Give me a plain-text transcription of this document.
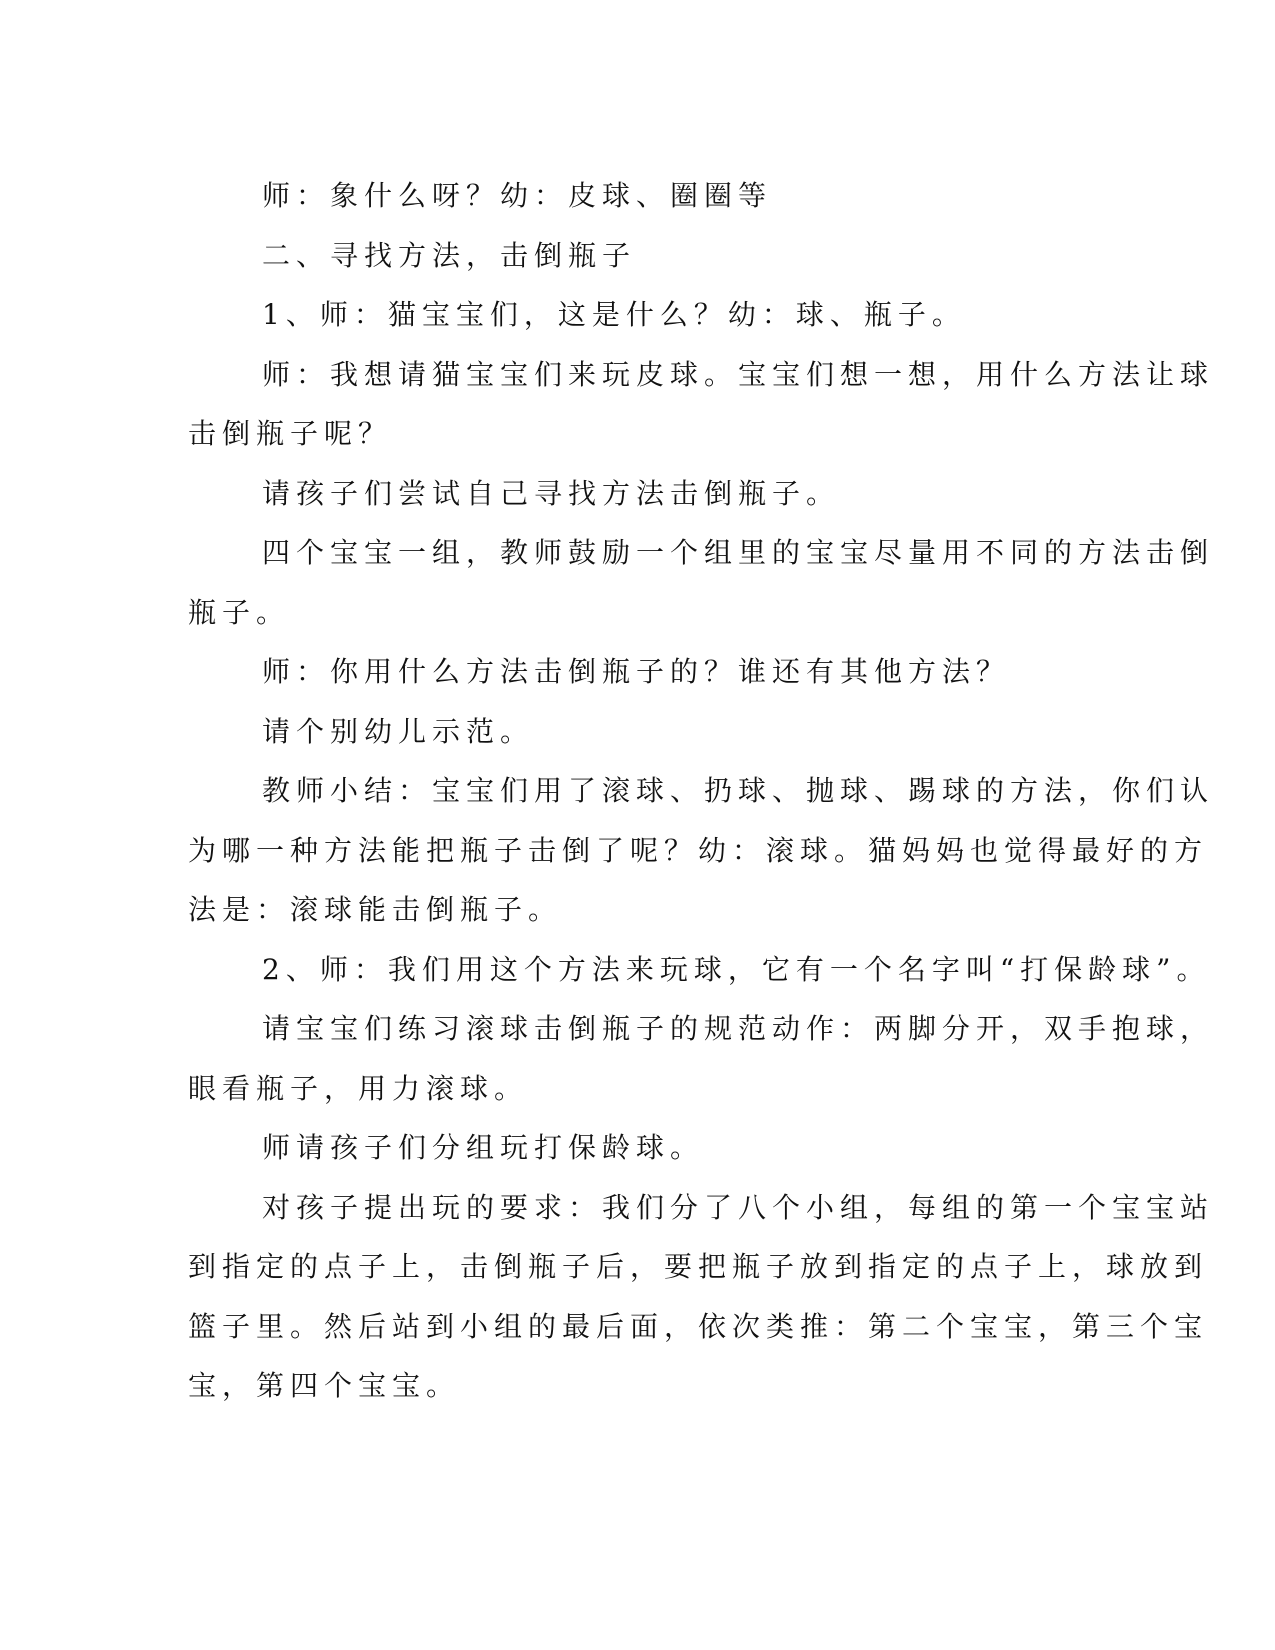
师：象什么呀？幼：皮球、圈圈等

二、寻找方法，击倒瓶子

1、师：猫宝宝们，这是什么？幼：球、瓶子。

师：我想请猫宝宝们来玩皮球。宝宝们想一想，用什么方法让球
击倒瓶子呢？

请孩子们尝试自己寻找方法击倒瓶子。

四个宝宝一组，教师鼓励一个组里的宝宝尽量用不同的方法击倒
瓶子。

师：你用什么方法击倒瓶子的？谁还有其他方法？

请个别幼儿示范。

教师小结：宝宝们用了滚球、扔球、抛球、踢球的方法，你们认
为哪一种方法能把瓶子击倒了呢？幼：滚球。猫妈妈也觉得最好的方
法是：滚球能击倒瓶子。

2、师：我们用这个方法来玩球，它有一个名字叫“打保龄球”。

请宝宝们练习滚球击倒瓶子的规范动作：两脚分开，双手抱球，
眼看瓶子，用力滚球。

师请孩子们分组玩打保龄球。

对孩子提出玩的要求：我们分了八个小组，每组的第一个宝宝站
到指定的点子上，击倒瓶子后，要把瓶子放到指定的点子上，球放到
篮子里。然后站到小组的最后面，依次类推：第二个宝宝，第三个宝
宝，第四个宝宝。
